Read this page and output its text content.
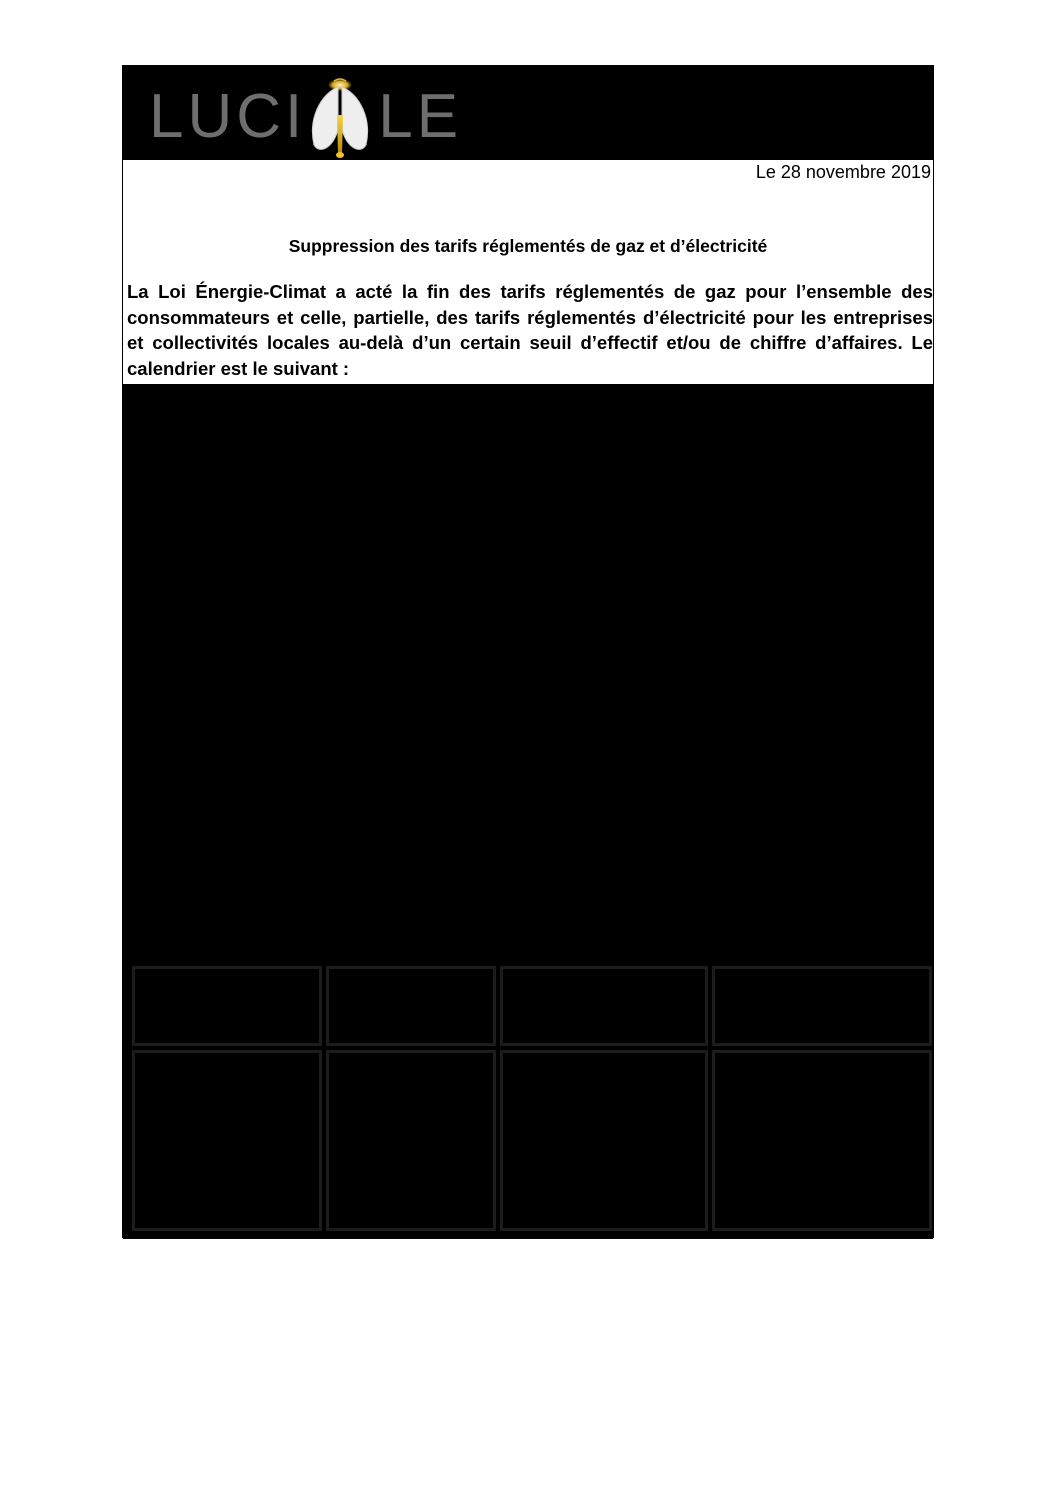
LUCI LE
Le 28 novembre 2019
Suppression des tarifs réglementés de gaz et d’électricité

La Loi Énergie-Climat a acté la fin des tarifs réglementés de gaz pour l’ensemble des consommateurs et celle, partielle, des tarifs réglementés d’électricité pour les entreprises et collectivités locales au-delà d’un certain seuil d’effectif et/ou de chiffre d’affaires. Le calendrier est le suivant :
